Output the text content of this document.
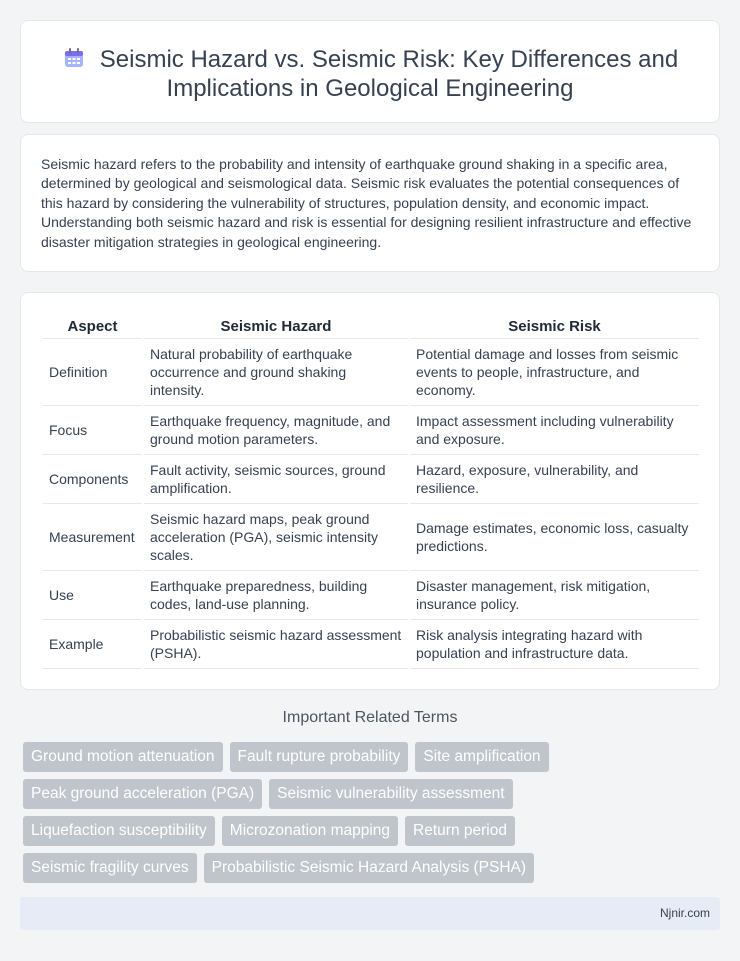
Seismic Hazard vs. Seismic Risk: Key Differences and Implications in Geological Engineering

Seismic hazard refers to the probability and intensity of earthquake ground shaking in a specific area, determined by geological and seismological data. Seismic risk evaluates the potential consequences of this hazard by considering the vulnerability of structures, population density, and economic impact. Understanding both seismic hazard and risk is essential for designing resilient infrastructure and effective disaster mitigation strategies in geological engineering.

Aspect	Seismic Hazard	Seismic Risk
Definition	Natural probability of earthquake occurrence and ground shaking intensity.	Potential damage and losses from seismic events to people, infrastructure, and economy.
Focus	Earthquake frequency, magnitude, and ground motion parameters.	Impact assessment including vulnerability and exposure.
Components	Fault activity, seismic sources, ground amplification.	Hazard, exposure, vulnerability, and resilience.
Measurement	Seismic hazard maps, peak ground acceleration (PGA), seismic intensity scales.	Damage estimates, economic loss, casualty predictions.
Use	Earthquake preparedness, building codes, land-use planning.	Disaster management, risk mitigation, insurance policy.
Example	Probabilistic seismic hazard assessment (PSHA).	Risk analysis integrating hazard with population and infrastructure data.
Important Related Terms
Ground motion attenuation	Fault rupture probability	Site amplification
Peak ground acceleration (PGA)	Seismic vulnerability assessment
Liquefaction susceptibility	Microzonation mapping	Return period
Seismic fragility curves	Probabilistic Seismic Hazard Analysis (PSHA)
Njnir.com
